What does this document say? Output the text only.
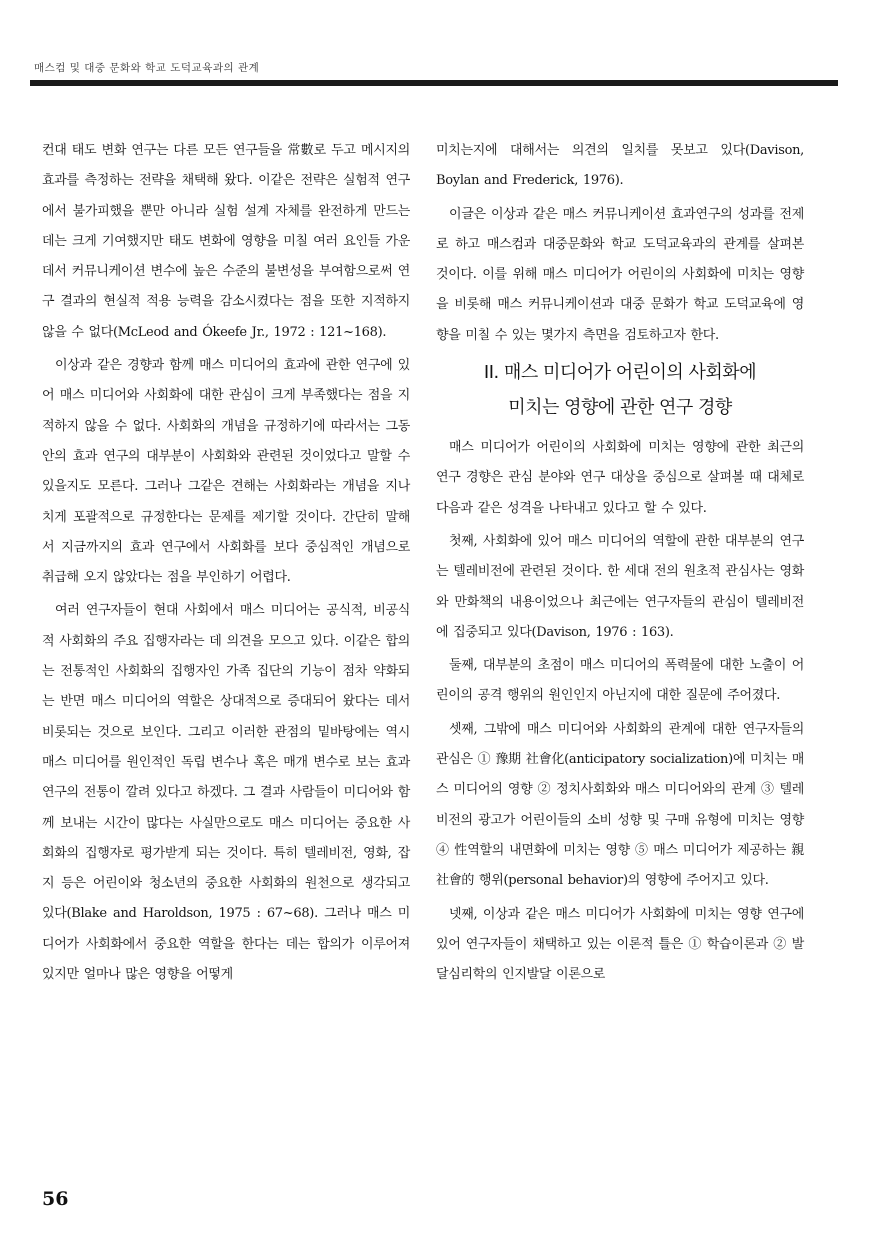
매스컴 및 대중 문화와 학교 도덕교육과의 관계

컨대 태도 변화 연구는 다른 모든 연구들을 常數로 두고 메시지의 효과를 측정하는 전략을 채택해 왔다. 이같은 전략은 실험적 연구에서 불가피했을 뿐만 아니라 실험 설계 자체를 완전하게 만드는 데는 크게 기여했지만 태도 변화에 영향을 미칠 여러 요인들 가운데서 커뮤니케이션 변수에 높은 수준의 불변성을 부여함으로써 연구 결과의 현실적 적용 능력을 감소시켰다는 점을 또한 지적하지 않을 수 없다(McLeod and Ókeefe Jr., 1972 : 121~168).

이상과 같은 경향과 함께 매스 미디어의 효과에 관한 연구에 있어 매스 미디어와 사회화에 대한 관심이 크게 부족했다는 점을 지적하지 않을 수 없다. 사회화의 개념을 규정하기에 따라서는 그동안의 효과 연구의 대부분이 사회화와 관련된 것이었다고 말할 수 있을지도 모른다. 그러나 그같은 견해는 사회화라는 개념을 지나치게 포괄적으로 규정한다는 문제를 제기할 것이다. 간단히 말해서 지금까지의 효과 연구에서 사회화를 보다 중심적인 개념으로 취급해 오지 않았다는 점을 부인하기 어렵다.

여러 연구자들이 현대 사회에서 매스 미디어는 공식적, 비공식적 사회화의 주요 집행자라는 데 의견을 모으고 있다. 이같은 합의는 전통적인 사회화의 집행자인 가족 집단의 기능이 점차 약화되는 반면 매스 미디어의 역할은 상대적으로 증대되어 왔다는 데서 비롯되는 것으로 보인다. 그리고 이러한 관점의 밑바탕에는 역시 매스 미디어를 원인적인 독립 변수나 혹은 매개 변수로 보는 효과 연구의 전통이 깔려 있다고 하겠다. 그 결과 사람들이 미디어와 함께 보내는 시간이 많다는 사실만으로도 매스 미디어는 중요한 사회화의 집행자로 평가받게 되는 것이다. 특히 텔레비전, 영화, 잡지 등은 어린이와 청소년의 중요한 사회화의 원천으로 생각되고 있다(Blake and Haroldson, 1975 : 67~68). 그러나 매스 미디어가 사회화에서 중요한 역할을 한다는 데는 합의가 이루어져 있지만 얼마나 많은 영향을 어떻게

미치는지에 대해서는 의견의 일치를 못보고 있다(Davison, Boylan and Frederick, 1976).

이글은 이상과 같은 매스 커뮤니케이션 효과연구의 성과를 전제로 하고 매스컴과 대중문화와 학교 도덕교육과의 관계를 살펴본 것이다. 이를 위해 매스 미디어가 어린이의 사회화에 미치는 영향을 비롯해 매스 커뮤니케이션과 대중 문화가 학교 도덕교육에 영향을 미칠 수 있는 몇가지 측면을 검토하고자 한다.

II. 매스 미디어가 어린이의 사회화에
미치는 영향에 관한 연구 경향

매스 미디어가 어린이의 사회화에 미치는 영향에 관한 최근의 연구 경향은 관심 분야와 연구 대상을 중심으로 살펴볼 때 대체로 다음과 같은 성격을 나타내고 있다고 할 수 있다.

첫째, 사회화에 있어 매스 미디어의 역할에 관한 대부분의 연구는 텔레비전에 관련된 것이다. 한 세대 전의 원초적 관심사는 영화와 만화책의 내용이었으나 최근에는 연구자들의 관심이 텔레비전에 집중되고 있다(Davison, 1976 : 163).

둘째, 대부분의 초점이 매스 미디어의 폭력물에 대한 노출이 어린이의 공격 행위의 원인인지 아닌지에 대한 질문에 주어졌다.

셋째, 그밖에 매스 미디어와 사회화의 관계에 대한 연구자들의 관심은 ① 豫期 社會化(anticipatory socialization)에 미치는 매스 미디어의 영향 ② 정치사회화와 매스 미디어와의 관계 ③ 텔레비전의 광고가 어린이들의 소비 성향 및 구매 유형에 미치는 영향 ④ 性역할의 내면화에 미치는 영향 ⑤ 매스 미디어가 제공하는 親社會的 행위(personal behavior)의 영향에 주어지고 있다.

넷째, 이상과 같은 매스 미디어가 사회화에 미치는 영향 연구에 있어 연구자들이 채택하고 있는 이론적 틀은 ① 학습이론과 ② 발달심리학의 인지발달 이론으로

56
